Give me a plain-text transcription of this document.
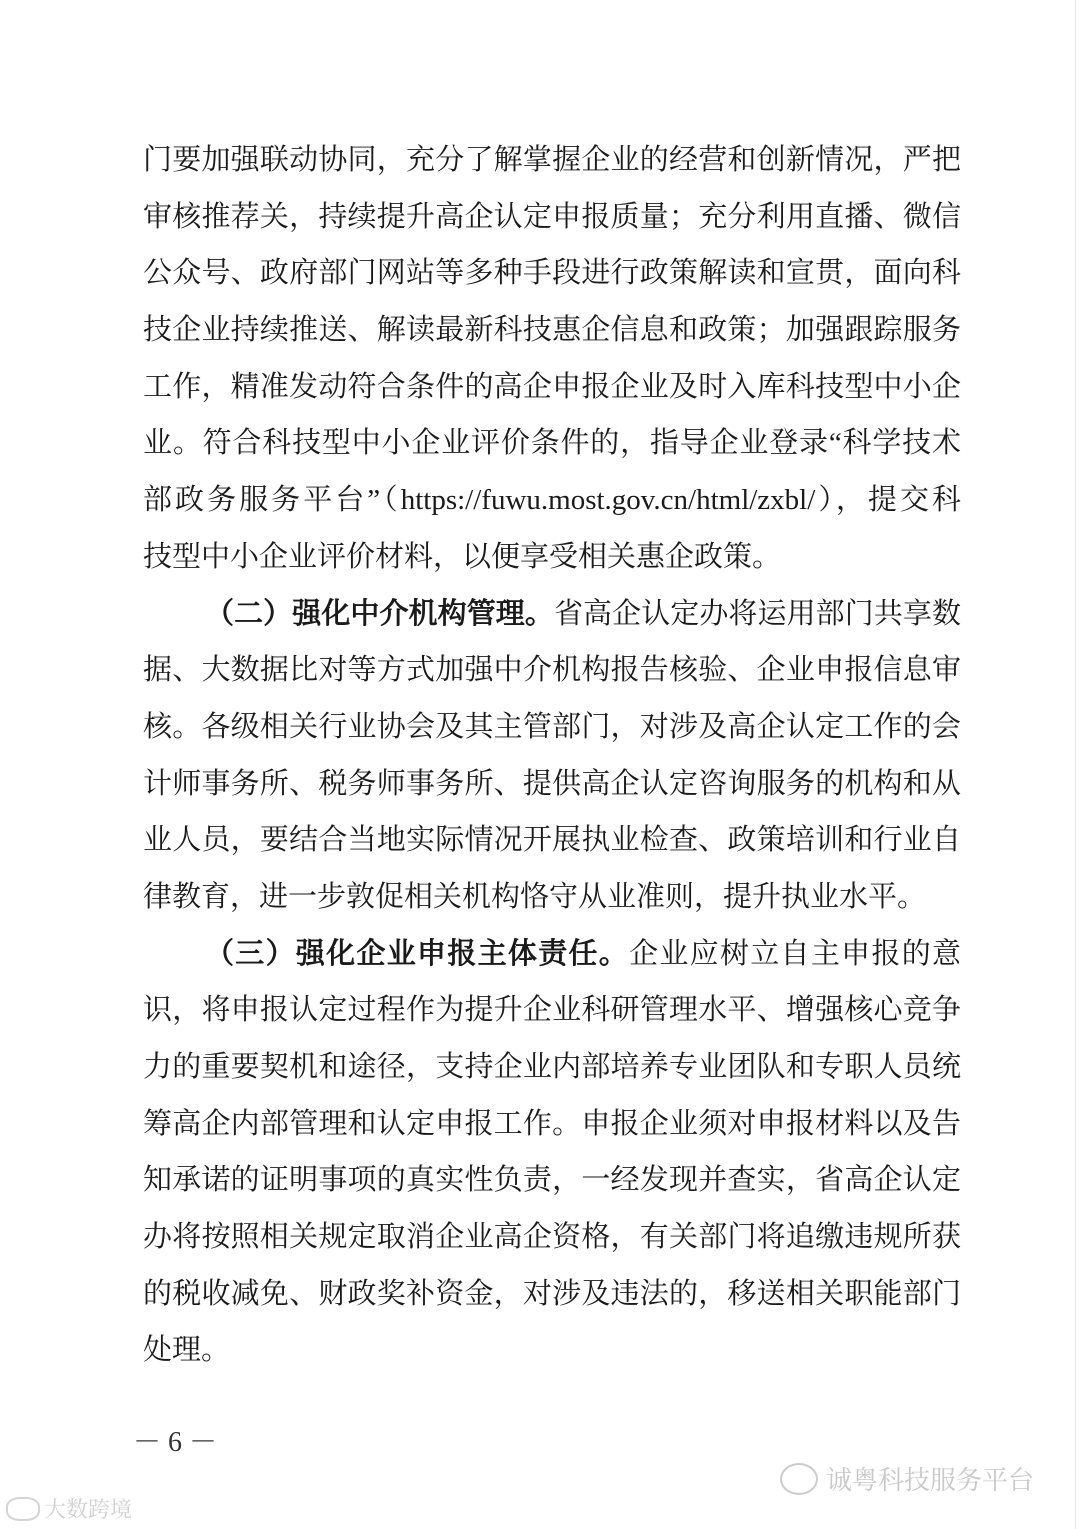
门要加强联动协同，充分了解掌握企业的经营和创新情况，严把
审核推荐关，持续提升高企认定申报质量；充分利用直播、微信
公众号、政府部门网站等多种手段进行政策解读和宣贯，面向科
技企业持续推送、解读最新科技惠企信息和政策；加强跟踪服务
工作，精准发动符合条件的高企申报企业及时入库科技型中小企
业。符合科技型中小企业评价条件的，指导企业登录“科学技术
部政务服务平台”（https://fuwu.most.gov.cn/html/zxbl/），提交科
技型中小企业评价材料，以便享受相关惠企政策。
（二）强化中介机构管理。省高企认定办将运用部门共享数
据、大数据比对等方式加强中介机构报告核验、企业申报信息审
核。各级相关行业协会及其主管部门，对涉及高企认定工作的会
计师事务所、税务师事务所、提供高企认定咨询服务的机构和从
业人员，要结合当地实际情况开展执业检查、政策培训和行业自
律教育，进一步敦促相关机构恪守从业准则，提升执业水平。
（三）强化企业申报主体责任。企业应树立自主申报的意
识，将申报认定过程作为提升企业科研管理水平、增强核心竞争
力的重要契机和途径，支持企业内部培养专业团队和专职人员统
筹高企内部管理和认定申报工作。申报企业须对申报材料以及告
知承诺的证明事项的真实性负责，一经发现并查实，省高企认定
办将按照相关规定取消企业高企资格，有关部门将追缴违规所获
的税收减免、财政奖补资金，对涉及违法的，移送相关职能部门
处理。
－ 6 －
诚粤科技服务平台
大数跨境
